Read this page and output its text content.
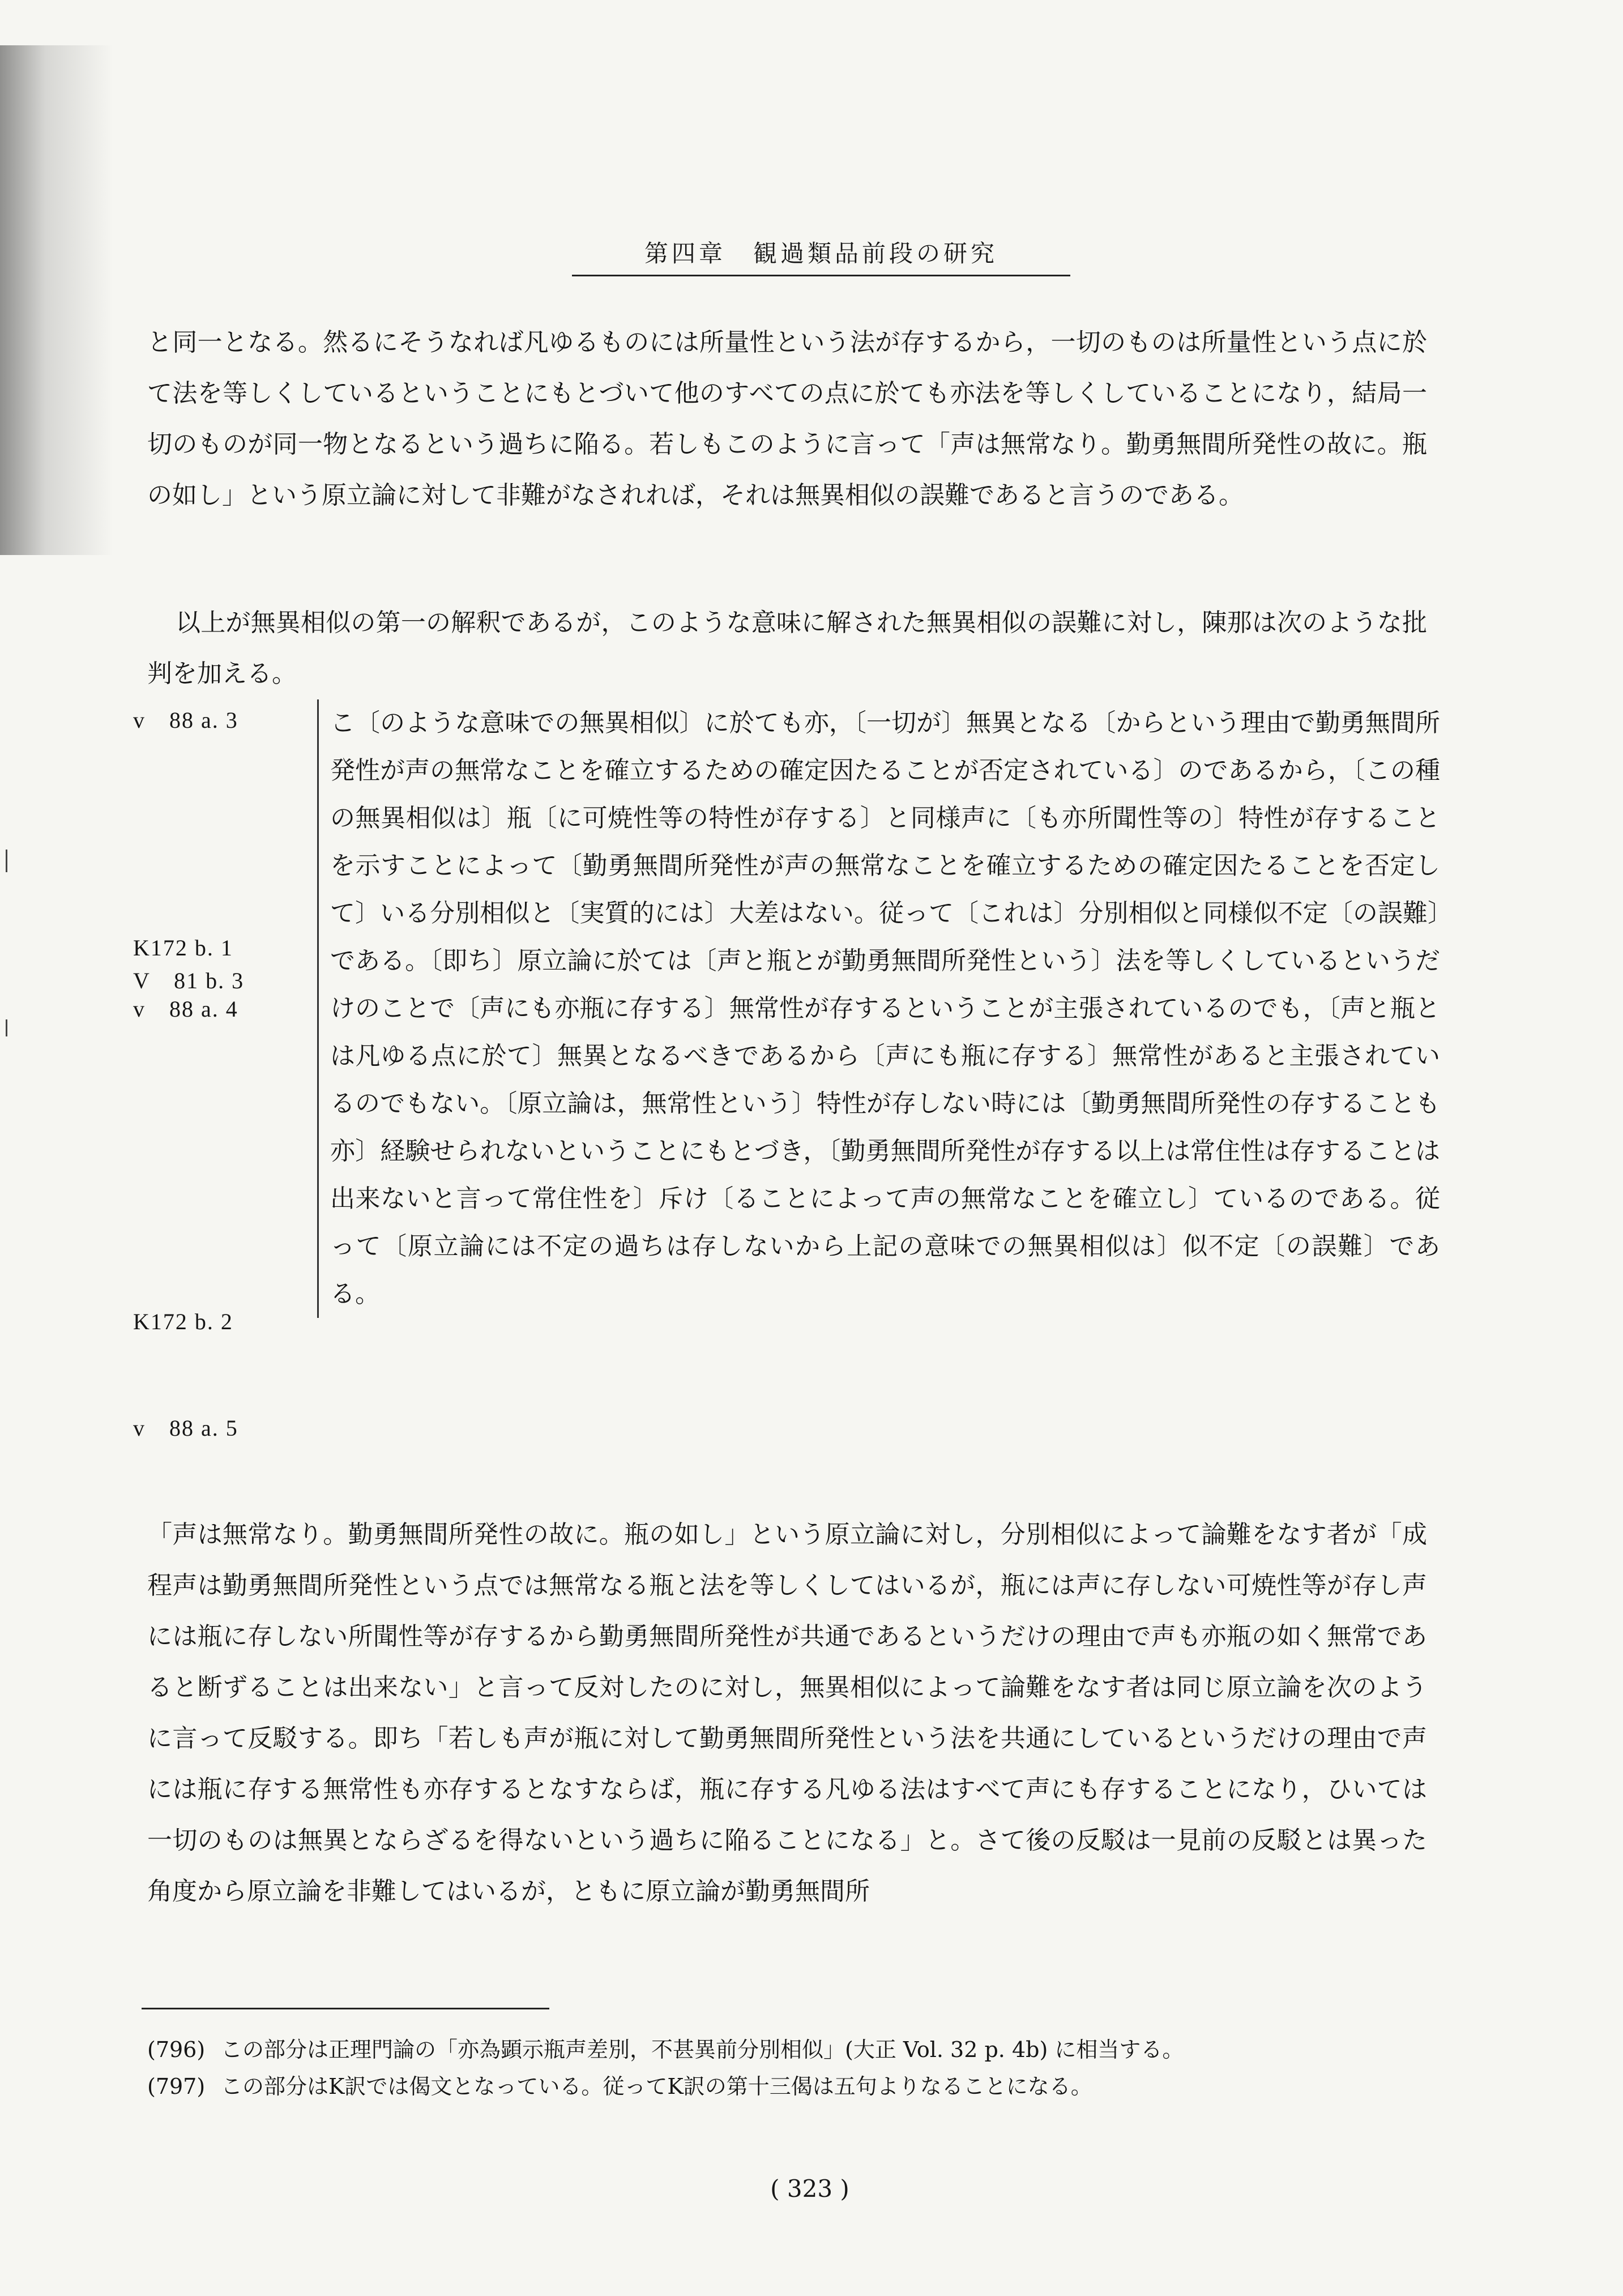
第四章　観過類品前段の研究
と同一となる。然るにそうなれば凡ゆるものには所量性という法が存するから，一切のものは所量性という点に於て法を等しくしているということにもとづいて他のすべての点に於ても亦法を等しくしていることになり，結局一切のものが同一物となるという過ちに陥る。若しもこのように言って「声は無常なり。勤勇無間所発性の故に。瓶の如し」という原立論に対して非難がなされれば，それは無異相似の誤難であると言うのである。
以上が無異相似の第一の解釈であるが，このような意味に解された無異相似の誤難に対し，陳那は次のような批判を加える。
v　88 a. 3
K172 b. 1
V　81 b. 3
v　88 a. 4
K172 b. 2
v　88 a. 5
こ〔のような意味での無異相似〕に於ても亦，〔一切が〕無異となる〔からという理由で勤勇無間所発性が声の無常なことを確立するための確定因たることが否定されている〕のであるから，〔この種の無異相似は〕瓶〔に可焼性等の特性が存する〕と同様声に〔も亦所聞性等の〕特性が存することを示すことによって〔勤勇無間所発性が声の無常なことを確立するための確定因たることを否定して〕いる分別相似と〔実質的には〕大差はない。従って〔これは〕分別相似と同様似不定〔の誤難〕である。〔即ち〕原立論に於ては〔声と瓶とが勤勇無間所発性という〕法を等しくしているというだけのことで〔声にも亦瓶に存する〕無常性が存するということが主張されているのでも，〔声と瓶とは凡ゆる点に於て〕無異となるべきであるから〔声にも瓶に存する〕無常性があると主張されているのでもない。〔原立論は，無常性という〕特性が存しない時には〔勤勇無間所発性の存することも亦〕経験せられないということにもとづき，〔勤勇無間所発性が存する以上は常住性は存することは出来ないと言って常住性を〕斥け〔ることによって声の無常なことを確立し〕ているのである。従って〔原立論には不定の過ちは存しないから上記の意味での無異相似は〕似不定〔の誤難〕である。
「声は無常なり。勤勇無間所発性の故に。瓶の如し」という原立論に対し，分別相似によって論難をなす者が「成程声は勤勇無間所発性という点では無常なる瓶と法を等しくしてはいるが，瓶には声に存しない可焼性等が存し声には瓶に存しない所聞性等が存するから勤勇無間所発性が共通であるというだけの理由で声も亦瓶の如く無常であると断ずることは出来ない」と言って反対したのに対し，無異相似によって論難をなす者は同じ原立論を次のように言って反駁する。即ち「若しも声が瓶に対して勤勇無間所発性という法を共通にしているというだけの理由で声には瓶に存する無常性も亦存するとなすならば，瓶に存する凡ゆる法はすべて声にも存することになり，ひいては一切のものは無異とならざるを得ないという過ちに陥ることになる」と。さて後の反駁は一見前の反駁とは異った角度から原立論を非難してはいるが，ともに原立論が勤勇無間所
(796) この部分は正理門論の「亦為顕示瓶声差別，不甚異前分別相似」(大正 Vol. 32 p. 4b) に相当する。
(797) この部分はK訳では偈文となっている。従ってK訳の第十三偈は五句よりなることになる。
( 323 )
